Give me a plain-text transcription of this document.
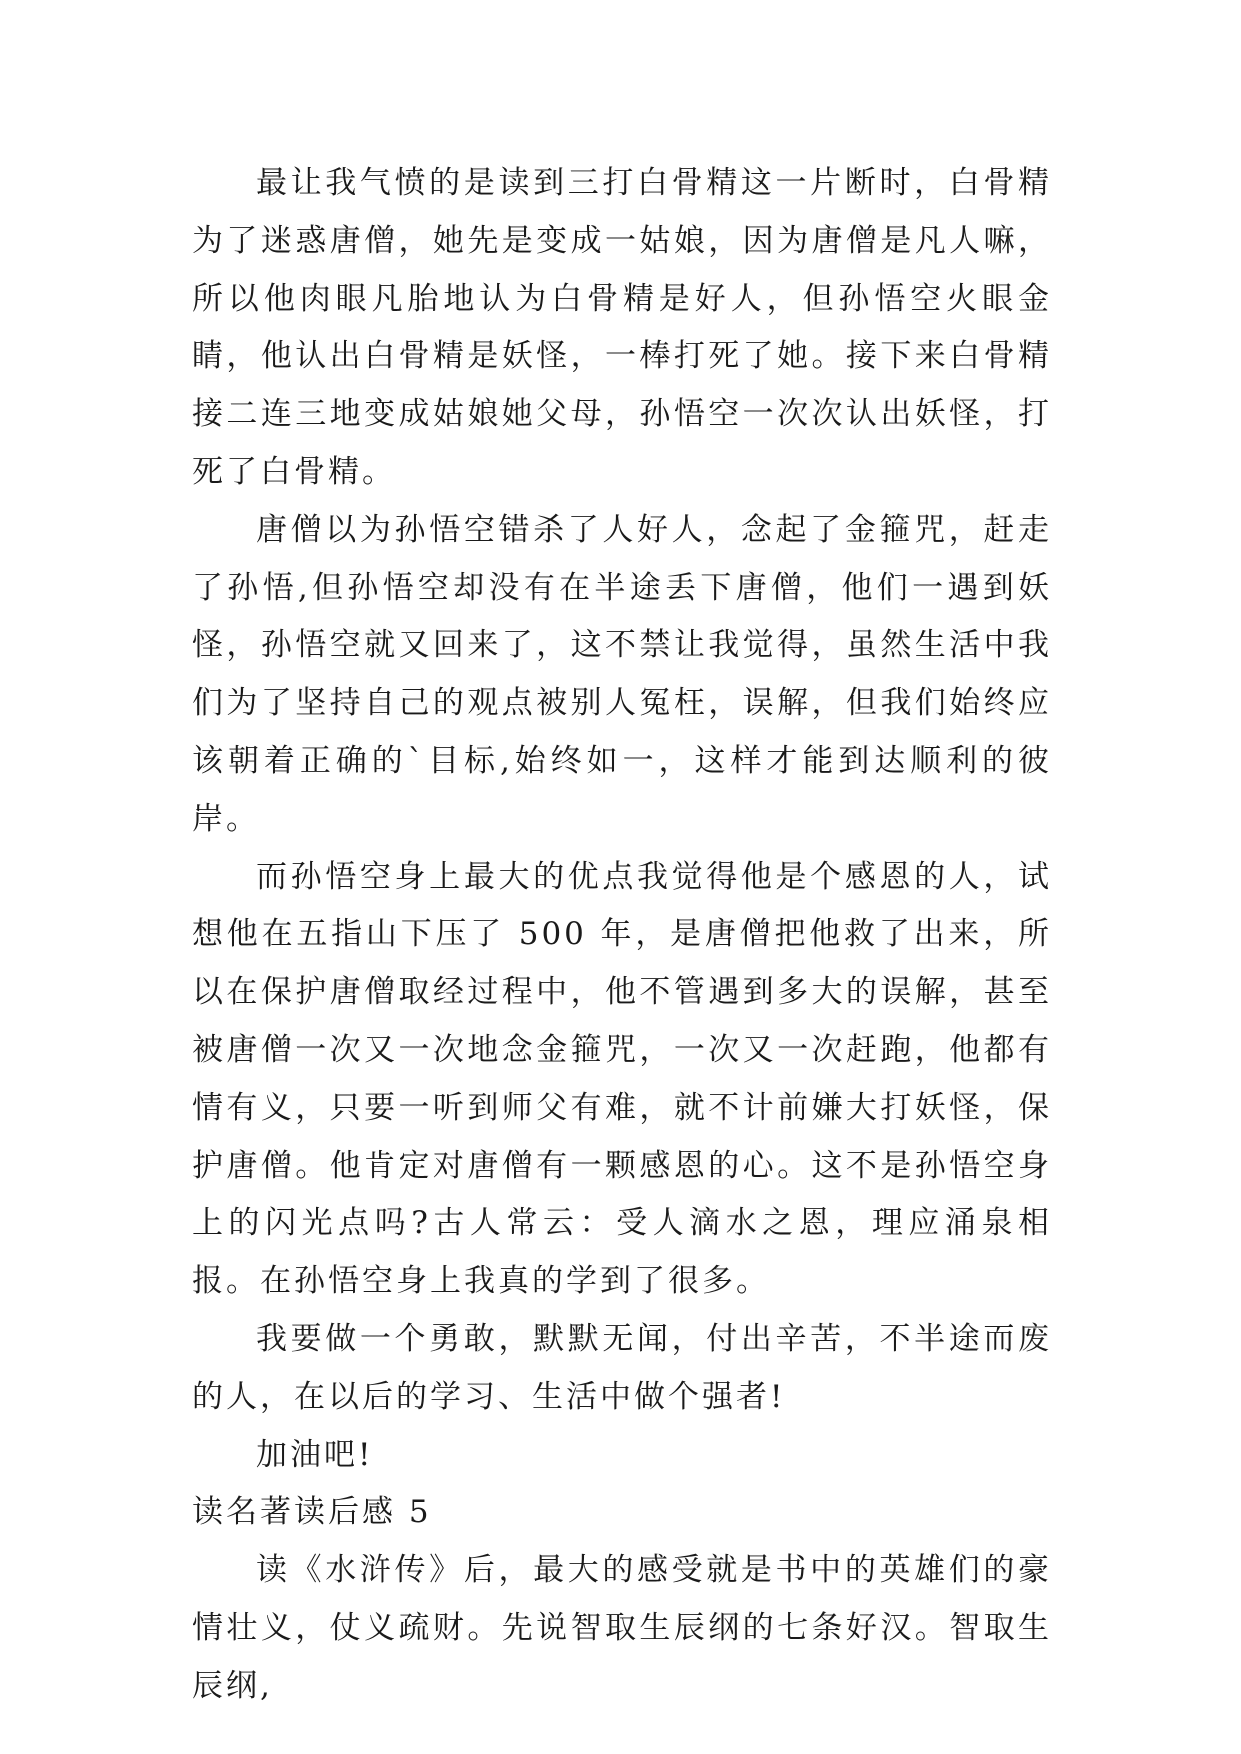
最让我气愤的是读到三打白骨精这一片断时，白骨精为了迷惑唐僧，她先是变成一姑娘，因为唐僧是凡人嘛，所以他肉眼凡胎地认为白骨精是好人，但孙悟空火眼金睛，他认出白骨精是妖怪，一棒打死了她。接下来白骨精接二连三地变成姑娘她父母，孙悟空一次次认出妖怪，打死了白骨精。

唐僧以为孙悟空错杀了人好人，念起了金箍咒，赶走了孙悟,但孙悟空却没有在半途丢下唐僧，他们一遇到妖怪，孙悟空就又回来了，这不禁让我觉得，虽然生活中我们为了坚持自己的观点被别人冤枉，误解，但我们始终应该朝着正确的`目标,始终如一，这样才能到达顺利的彼岸。

而孙悟空身上最大的优点我觉得他是个感恩的人，试想他在五指山下压了 500 年，是唐僧把他救了出来，所以在保护唐僧取经过程中，他不管遇到多大的误解，甚至被唐僧一次又一次地念金箍咒，一次又一次赶跑，他都有情有义，只要一听到师父有难，就不计前嫌大打妖怪，保护唐僧。他肯定对唐僧有一颗感恩的心。这不是孙悟空身上的闪光点吗?古人常云：受人滴水之恩，理应涌泉相报。在孙悟空身上我真的学到了很多。

我要做一个勇敢，默默无闻，付出辛苦，不半途而废的人，在以后的学习、生活中做个强者!

加油吧!

读名著读后感 5

读《水浒传》后，最大的感受就是书中的英雄们的豪情壮义，仗义疏财。先说智取生辰纲的七条好汉。智取生辰纲,
